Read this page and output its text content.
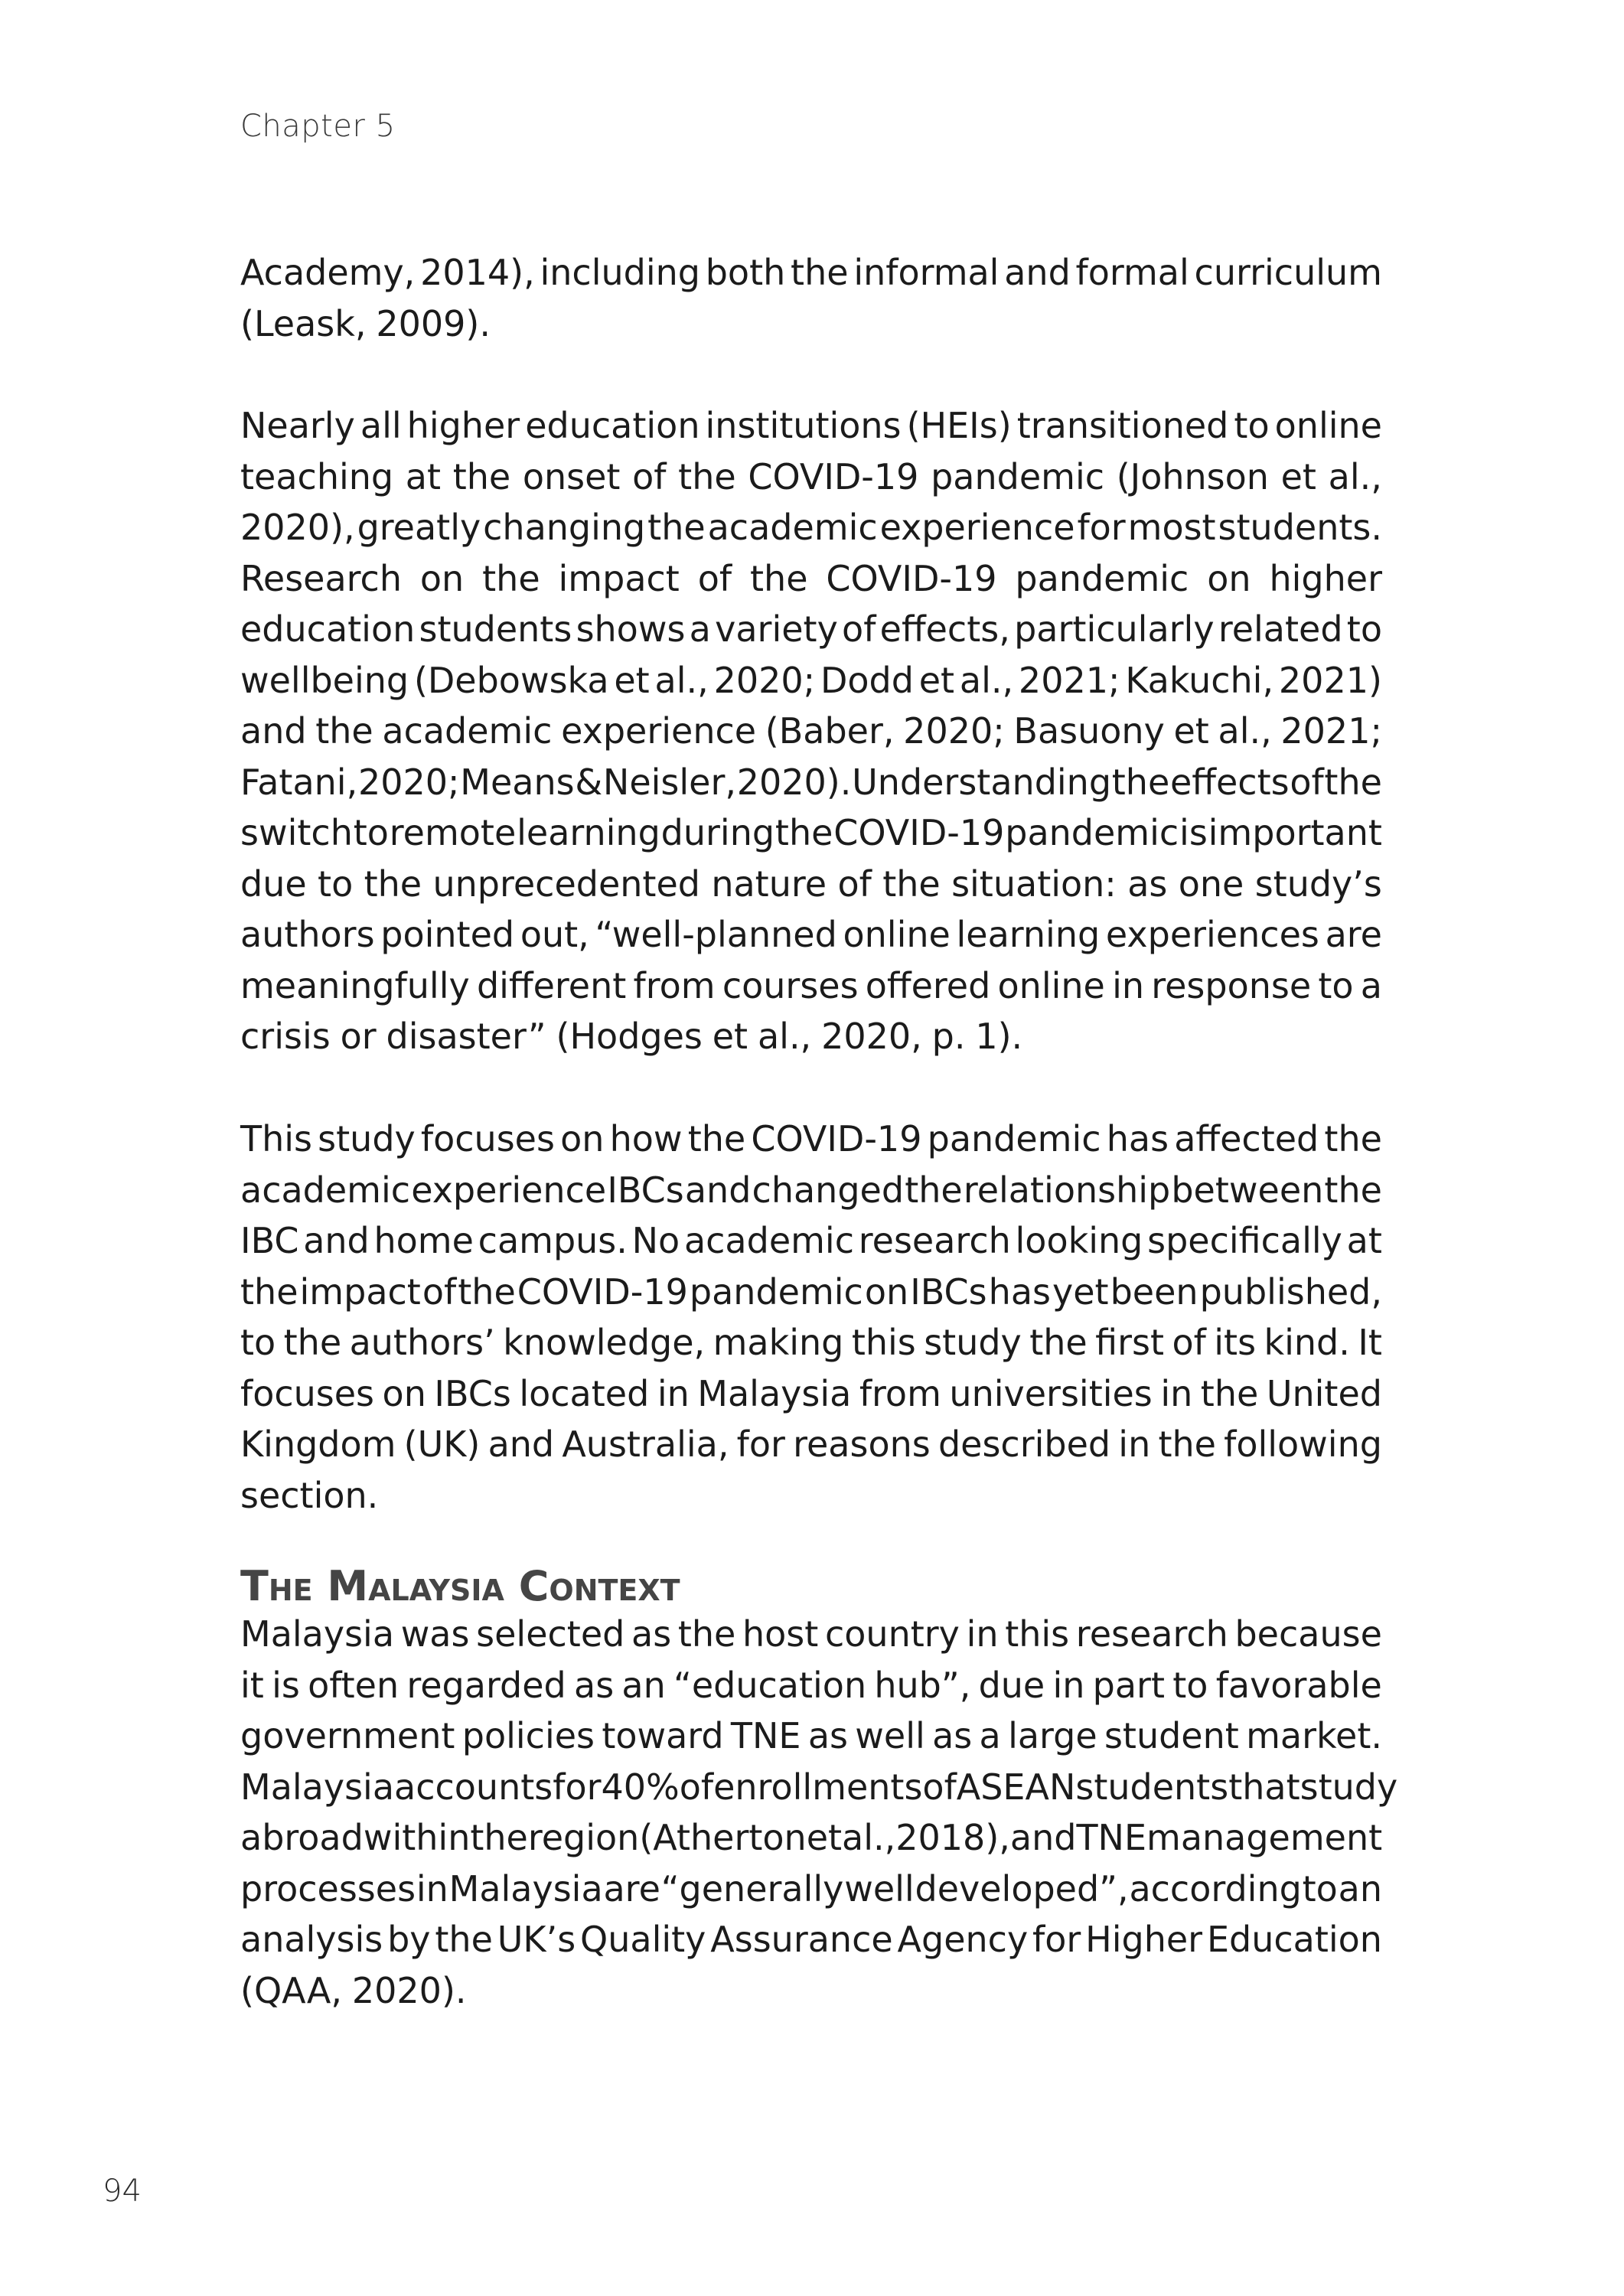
Chapter 5
Academy, 2014), including both the informal and formal curriculum
(Leask, 2009).
Nearly all higher education institutions (HEIs) transitioned to online
teaching at the onset of the COVID-19 pandemic (Johnson et al.,
2020), greatly changing the academic experience for most students.
Research on the impact of the COVID-19 pandemic on higher
education students shows a variety of effects, particularly related to
wellbeing (Debowska et al., 2020; Dodd et al., 2021; Kakuchi, 2021)
and the academic experience (Baber, 2020; Basuony et al., 2021;
Fatani, 2020; Means & Neisler, 2020). Understanding the effects of the
switch to remote learning during the COVID-19 pandemic is important
due to the unprecedented nature of the situation: as one study’s
authors pointed out, “well-planned online learning experiences are
meaningfully different from courses offered online in response to a
crisis or disaster” (Hodges et al., 2020, p. 1).
This study focuses on how the COVID-19 pandemic has affected the
academic experience IBCs and changed the relationship between the
IBC and home campus. No academic research looking specifically at
the impact of the COVID-19 pandemic on IBCs has yet been published,
to the authors’ knowledge, making this study the first of its kind. It
focuses on IBCs located in Malaysia from universities in the United
Kingdom (UK) and Australia, for reasons described in the following
section.
The Malaysia Context
Malaysia was selected as the host country in this research because
it is often regarded as an “education hub”, due in part to favorable
government policies toward TNE as well as a large student market.
Malaysia accounts for 40% of enrollments of ASEAN students that study
abroad within the region (Atherton et al., 2018), and TNE management
processes in Malaysia are “generally well developed”, according to an
analysis by the UK’s Quality Assurance Agency for Higher Education
(QAA, 2020).
94
